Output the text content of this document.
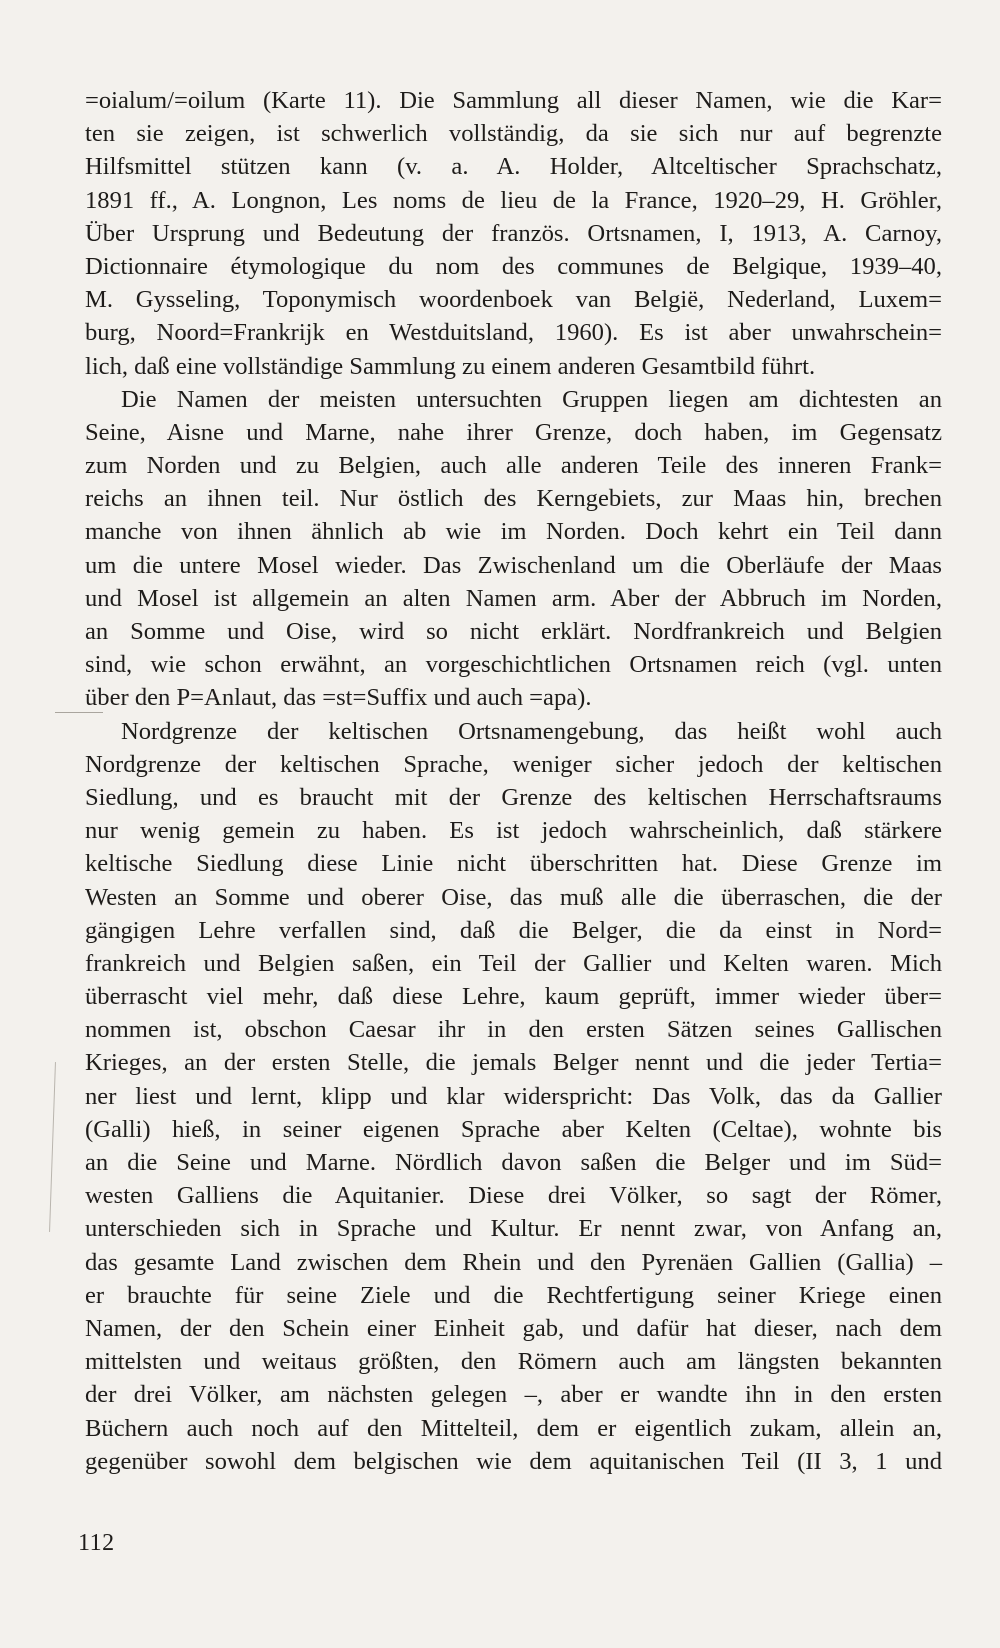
=oialum/=oilum (Karte 11). Die Sammlung all dieser Namen, wie die Kar=
ten sie zeigen, ist schwerlich vollständig, da sie sich nur auf begrenzte
Hilfsmittel stützen kann (v. a. A. Holder, Altceltischer Sprachschatz,
1891 ff., A. Longnon, Les noms de lieu de la France, 1920–29, H. Gröhler,
Über Ursprung und Bedeutung der französ. Ortsnamen, I, 1913, A. Carnoy,
Dictionnaire étymologique du nom des communes de Belgique, 1939–40,
M. Gysseling, Toponymisch woordenboek van België, Nederland, Luxem=
burg, Noord=Frankrijk en Westduitsland, 1960). Es ist aber unwahrschein=
lich, daß eine vollständige Sammlung zu einem anderen Gesamtbild führt.

Die Namen der meisten untersuchten Gruppen liegen am dichtesten an
Seine, Aisne und Marne, nahe ihrer Grenze, doch haben, im Gegensatz
zum Norden und zu Belgien, auch alle anderen Teile des inneren Frank=
reichs an ihnen teil. Nur östlich des Kerngebiets, zur Maas hin, brechen
manche von ihnen ähnlich ab wie im Norden. Doch kehrt ein Teil dann
um die untere Mosel wieder. Das Zwischenland um die Oberläufe der Maas
und Mosel ist allgemein an alten Namen arm. Aber der Abbruch im Norden,
an Somme und Oise, wird so nicht erklärt. Nordfrankreich und Belgien
sind, wie schon erwähnt, an vorgeschichtlichen Ortsnamen reich (vgl. unten
über den P=Anlaut, das =st=Suffix und auch =apa).

Nordgrenze der keltischen Ortsnamengebung, das heißt wohl auch
Nordgrenze der keltischen Sprache, weniger sicher jedoch der keltischen
Siedlung, und es braucht mit der Grenze des keltischen Herrschaftsraums
nur wenig gemein zu haben. Es ist jedoch wahrscheinlich, daß stärkere
keltische Siedlung diese Linie nicht überschritten hat. Diese Grenze im
Westen an Somme und oberer Oise, das muß alle die überraschen, die der
gängigen Lehre verfallen sind, daß die Belger, die da einst in Nord=
frankreich und Belgien saßen, ein Teil der Gallier und Kelten waren. Mich
überrascht viel mehr, daß diese Lehre, kaum geprüft, immer wieder über=
nommen ist, obschon Caesar ihr in den ersten Sätzen seines Gallischen
Krieges, an der ersten Stelle, die jemals Belger nennt und die jeder Tertia=
ner liest und lernt, klipp und klar widerspricht: Das Volk, das da Gallier
(Galli) hieß, in seiner eigenen Sprache aber Kelten (Celtae), wohnte bis
an die Seine und Marne. Nördlich davon saßen die Belger und im Süd=
westen Galliens die Aquitanier. Diese drei Völker, so sagt der Römer,
unterschieden sich in Sprache und Kultur. Er nennt zwar, von Anfang an,
das gesamte Land zwischen dem Rhein und den Pyrenäen Gallien (Gallia) –
er brauchte für seine Ziele und die Rechtfertigung seiner Kriege einen
Namen, der den Schein einer Einheit gab, und dafür hat dieser, nach dem
mittelsten und weitaus größten, den Römern auch am längsten bekannten
der drei Völker, am nächsten gelegen –, aber er wandte ihn in den ersten
Büchern auch noch auf den Mittelteil, dem er eigentlich zukam, allein an,
gegenüber sowohl dem belgischen wie dem aquitanischen Teil (II 3, 1 und

112
